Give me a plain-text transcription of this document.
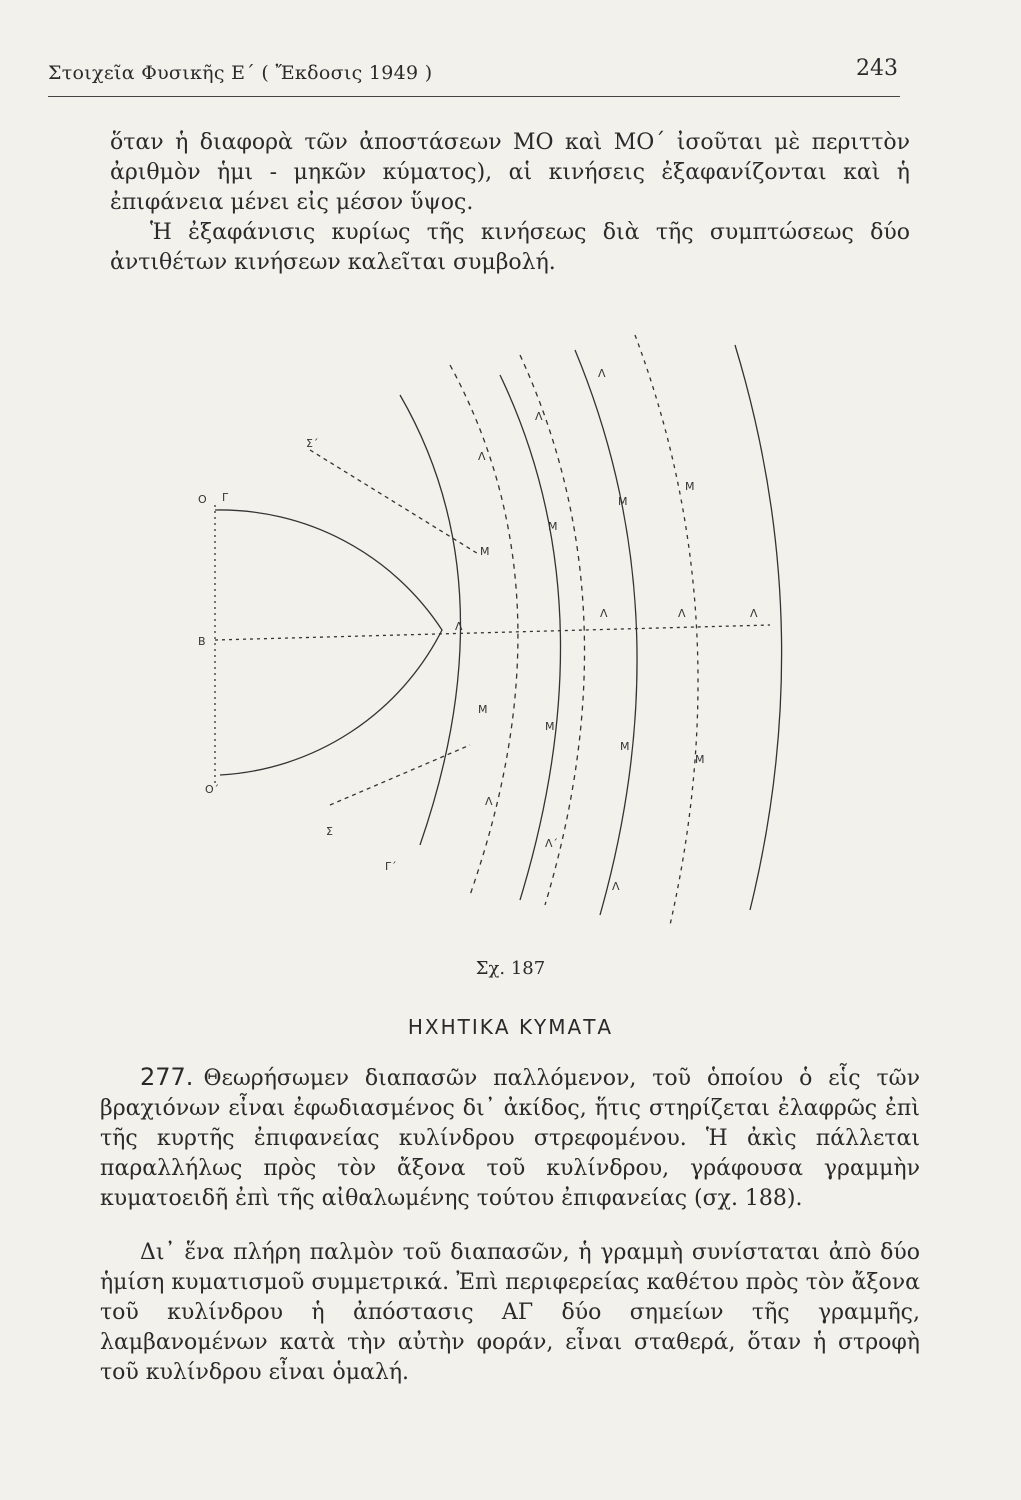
Στοιχεῖα Φυσικῆς Ε΄ ( Ἔκδοσις 1949 )	243

ὅταν ἡ διαφορὰ τῶν ἀποστάσεων ΜΟ καὶ ΜΟ΄ ἰσοῦται μὲ περιττὸν ἀριθμὸν ἡμι - μηκῶν κύματος), αἱ κινήσεις ἐξαφανίζονται καὶ ἡ ἐπιφάνεια μένει εἰς μέσον ὕψος.

Ἡ ἐξαφάνισις κυρίως τῆς κινήσεως διὰ τῆς συμπτώσεως δύο ἀντιθέτων κινήσεων καλεῖται συμβολή.

O Γ
Σ΄
B
O΄
Σ
Γ΄
Λ
Λ
Λ
Λ
Λ	Λ	Λ
Λ
Λ΄
Λ
M
M
M
M
M
M
M
M
Σχ. 187
ΗΧΗΤΙΚΑ ΚΥΜΑΤΑ

277. Θεωρήσωμεν διαπασῶν παλλόμενον, τοῦ ὁποίου ὁ εἷς τῶν βραχιόνων εἶναι ἐφωδιασμένος δι᾿ ἀκίδος, ἥτις στηρίζεται ἐλαφρῶς ἐπὶ τῆς κυρτῆς ἐπιφανείας κυλίνδρου στρεφομένου. Ἡ ἀκὶς πάλλεται παραλλήλως πρὸς τὸν ἄξονα τοῦ κυλίνδρου, γράφουσα γραμμὴν κυματοειδῆ ἐπὶ τῆς αἰθαλωμένης τούτου ἐπιφανείας (σχ. 188).

Δι᾿ ἕνα πλήρη παλμὸν τοῦ διαπασῶν, ἡ γραμμὴ συνίσταται ἀπὸ δύο ἡμίση κυματισμοῦ συμμετρικά. Ἐπὶ περιφερείας καθέτου πρὸς τὸν ἄξονα τοῦ κυλίνδρου ἡ ἀπόστασις ΑΓ δύο σημείων τῆς γραμμῆς, λαμβανομένων κατὰ τὴν αὐτὴν φοράν, εἶναι σταθερά, ὅταν ἡ στροφὴ τοῦ κυλίνδρου εἶναι ὁμαλή.
